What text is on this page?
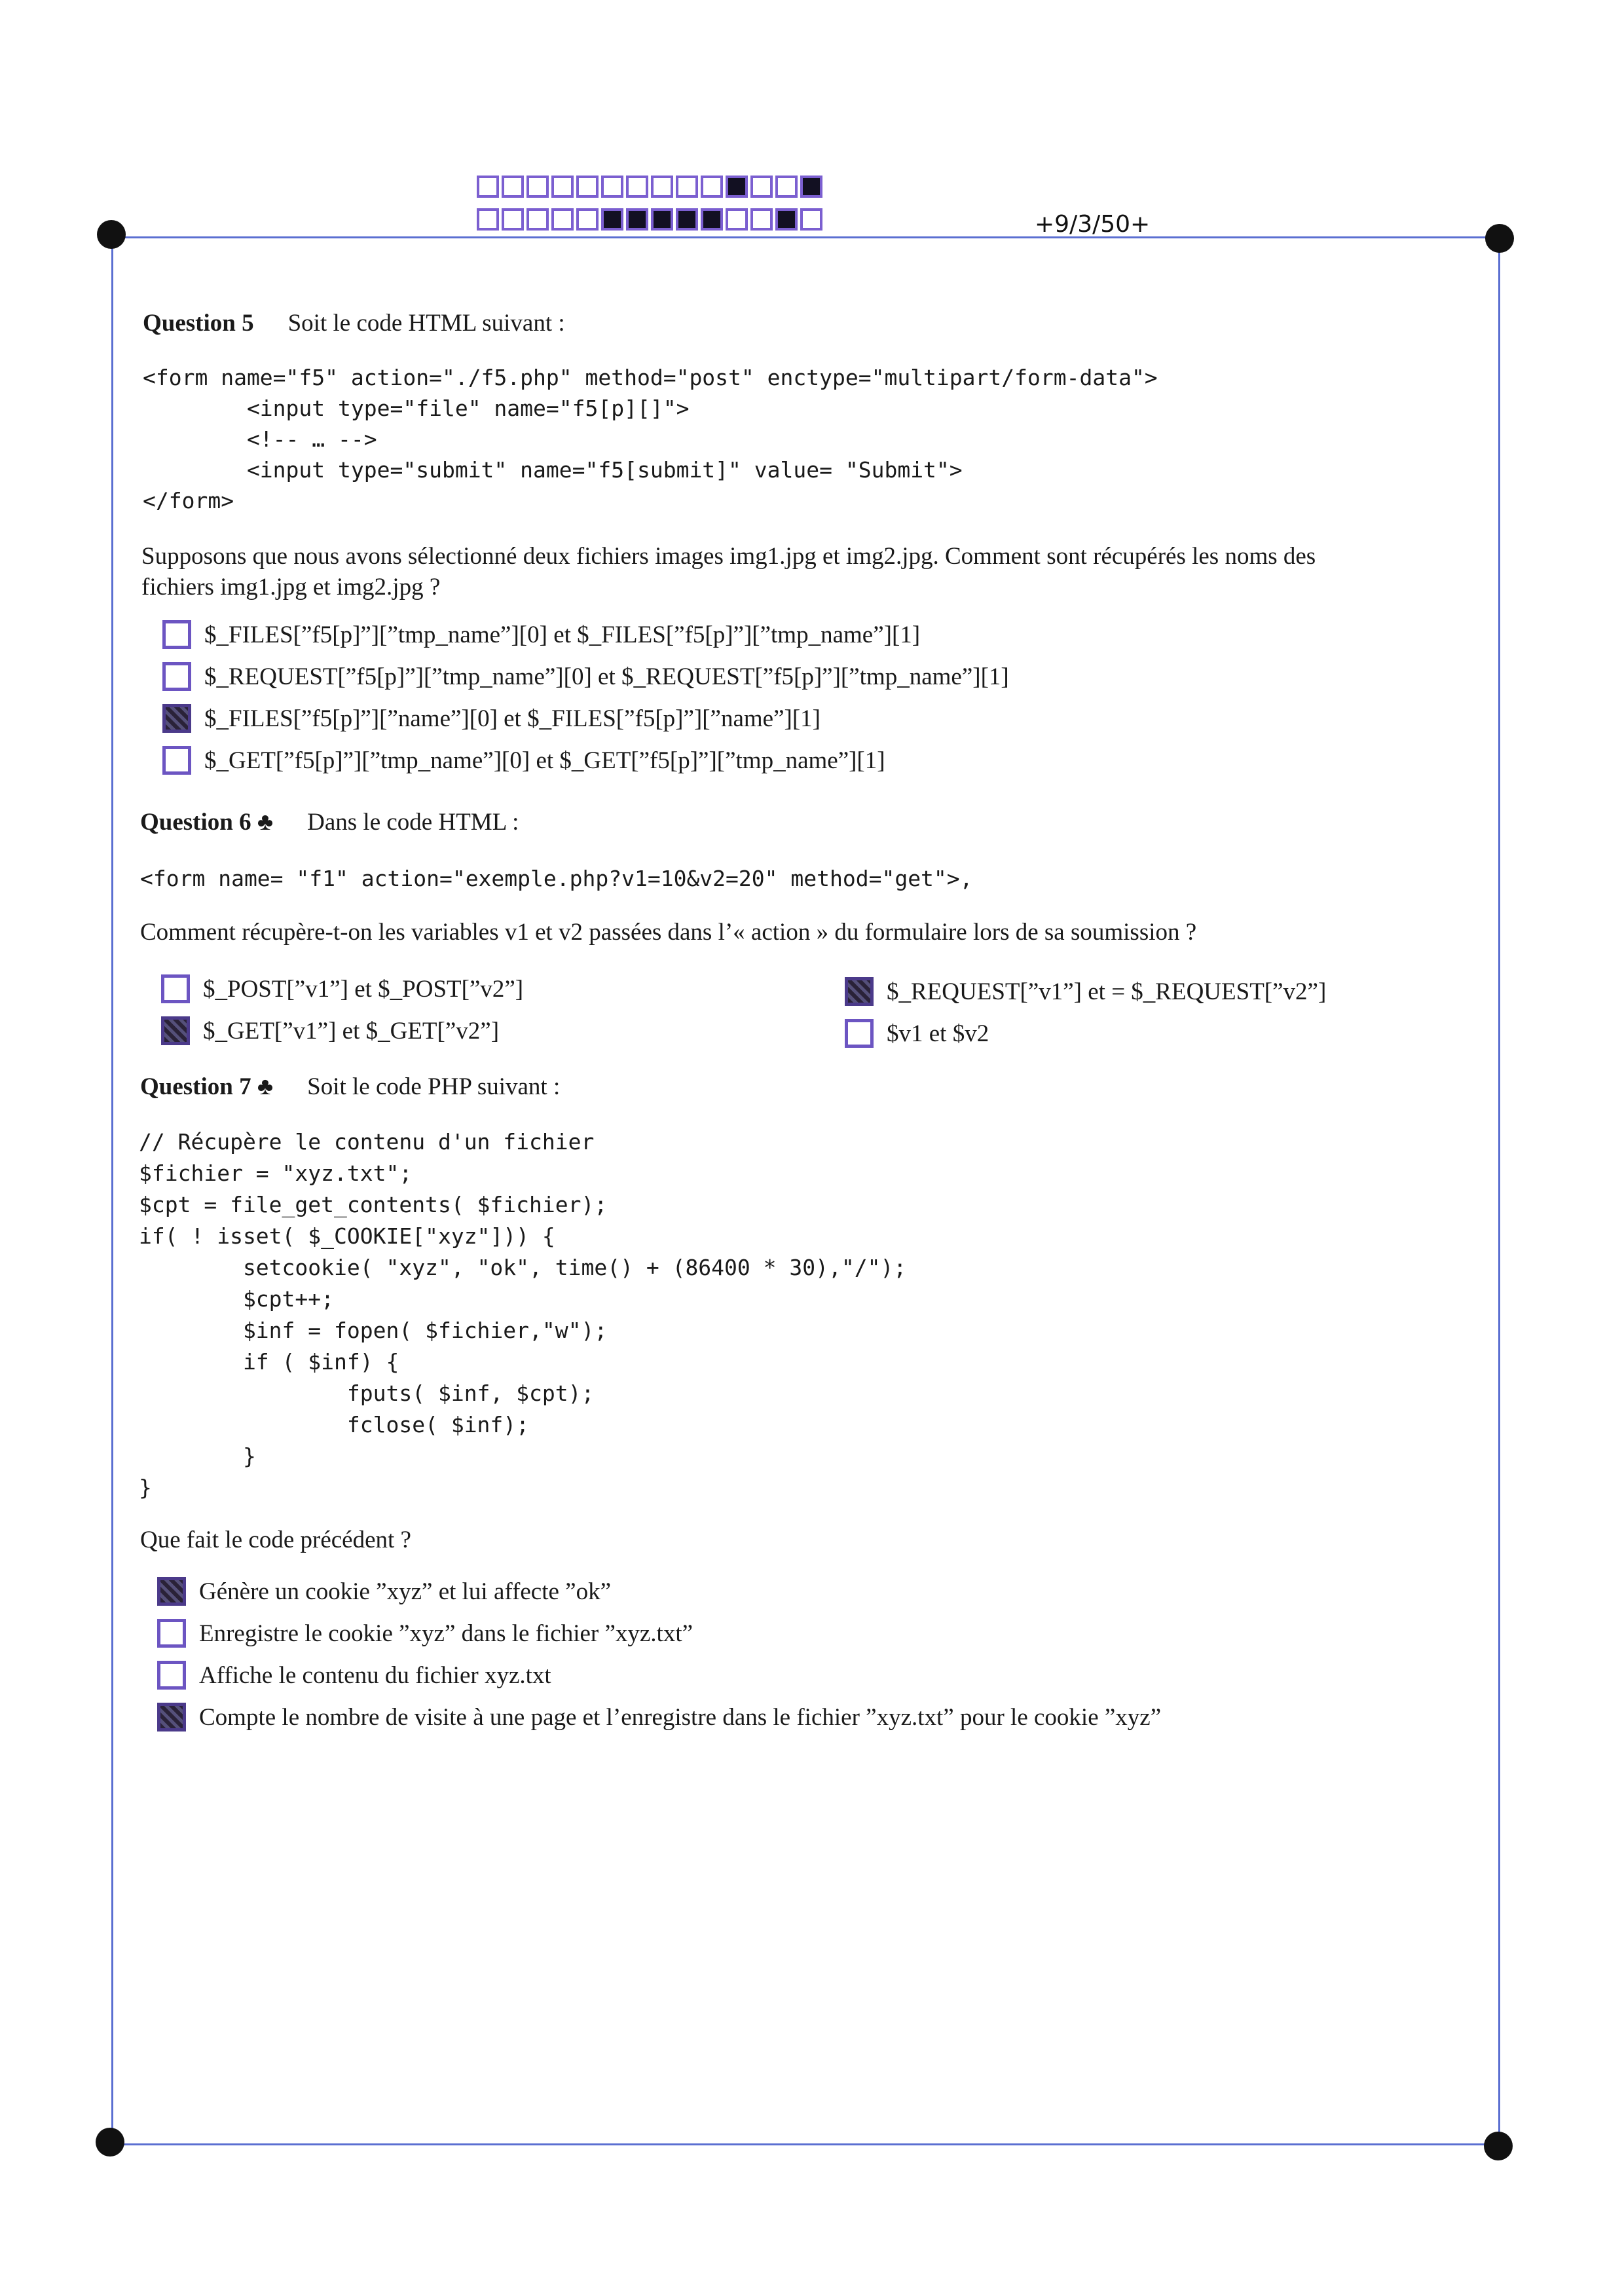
+9/3/50+
Question 5 Soit le code HTML suivant :
<form name="f5" action="./f5.php" method="post" enctype="multipart/form-data">
<input type="file" name="f5[p][]">
<!-- … -->
<input type="submit" name="f5[submit]" value= "Submit">
</form>
Supposons que nous avons sélectionné deux fichiers images img1.jpg et img2.jpg. Comment sont récupérés les noms des
fichiers img1.jpg et img2.jpg ?
$_FILES[”f5[p]”][”tmp_name”][0] et $_FILES[”f5[p]”][”tmp_name”][1]
$_REQUEST[”f5[p]”][”tmp_name”][0] et $_REQUEST[”f5[p]”][”tmp_name”][1]
$_FILES[”f5[p]”][”name”][0] et $_FILES[”f5[p]”][”name”][1]
$_GET[”f5[p]”][”tmp_name”][0] et $_GET[”f5[p]”][”tmp_name”][1]
Question 6 ♣ Dans le code HTML :
<form name= "f1" action="exemple.php?v1=10&v2=20" method="get">,
Comment récupère-t-on les variables v1 et v2 passées dans l’« action » du formulaire lors de sa soumission ?
$_POST[”v1”] et $_POST[”v2”]
$_GET[”v1”] et $_GET[”v2”]
$_REQUEST[”v1”] et = $_REQUEST[”v2”]
$v1 et $v2
Question 7 ♣ Soit le code PHP suivant :
// Récupère le contenu d'un fichier
$fichier = "xyz.txt";
$cpt = file_get_contents( $fichier);
if( ! isset( $_COOKIE["xyz"])) {
setcookie( "xyz", "ok", time() + (86400 * 30),"/");
$cpt++;
$inf = fopen( $fichier,"w");
if ( $inf) {
fputs( $inf, $cpt);
fclose( $inf);
}
}
Que fait le code précédent ?
Génère un cookie ”xyz” et lui affecte ”ok”
Enregistre le cookie ”xyz” dans le fichier ”xyz.txt”
Affiche le contenu du fichier xyz.txt
Compte le nombre de visite à une page et l’enregistre dans le fichier ”xyz.txt” pour le cookie ”xyz”
